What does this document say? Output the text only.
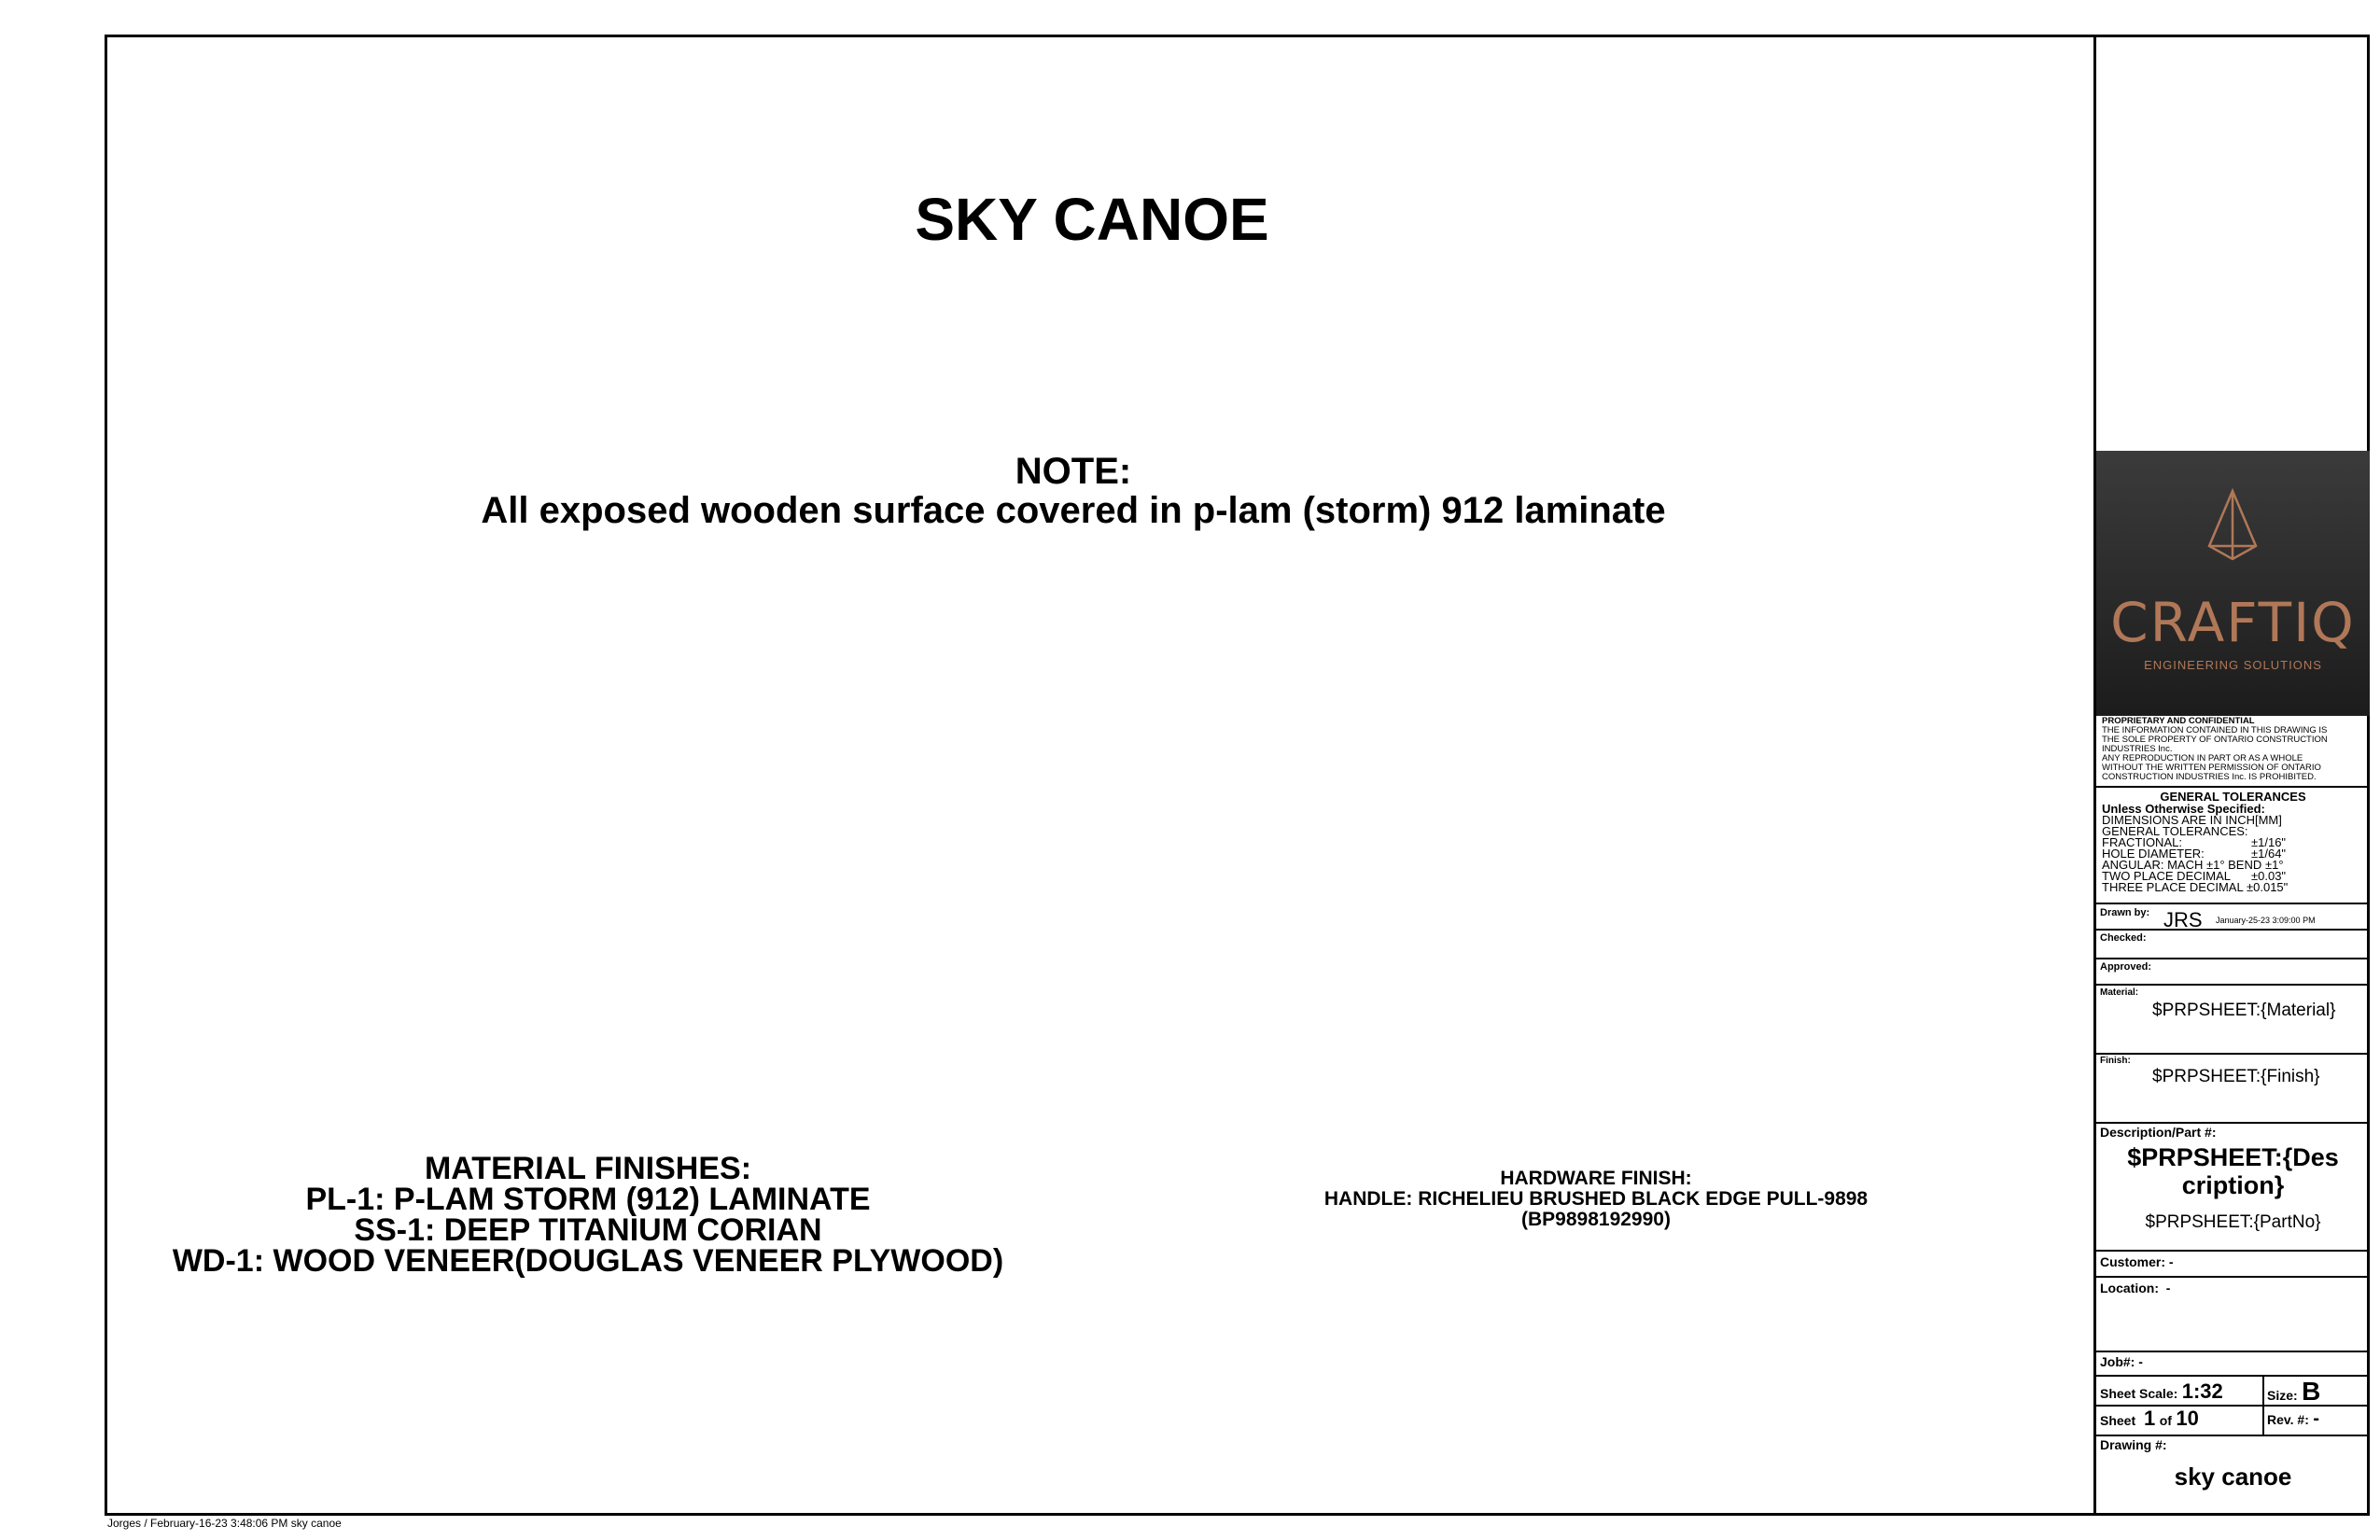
SKY CANOE
NOTE:
All exposed wooden surface covered in p-lam (storm) 912 laminate
MATERIAL FINISHES:
PL-1: P-LAM STORM (912) LAMINATE
SS-1: DEEP TITANIUM CORIAN
WD-1: WOOD VENEER(DOUGLAS VENEER PLYWOOD)
HARDWARE FINISH:
HANDLE: RICHELIEU BRUSHED BLACK EDGE PULL-9898
(BP9898192990)
Jorges / February-16-23 3:48:06 PM sky canoe
CRAFTIQ
ENGINEERING SOLUTIONS
PROPRIETARY AND CONFIDENTIAL
THE INFORMATION CONTAINED IN THIS DRAWING IS
THE SOLE PROPERTY OF ONTARIO CONSTRUCTION
INDUSTRIES Inc.
ANY REPRODUCTION IN PART OR AS A WHOLE
WITHOUT THE WRITTEN PERMISSION OF ONTARIO
CONSTRUCTION INDUSTRIES Inc. IS PROHIBITED.
GENERAL TOLERANCES
Unless Otherwise Specified:
DIMENSIONS ARE IN INCH[MM]
GENERAL TOLERANCES:
FRACTIONAL:	±1/16"
HOLE DIAMETER:	±1/64"
ANGULAR: MACH ±1° BEND ±1°
TWO PLACE DECIMAL ±0.03"
THREE PLACE DECIMAL ±0.015"
Drawn by: JRS January-25-23 3:09:00 PM
Checked:
Approved:
Material:
$PRPSHEET:{Material}
Finish:
$PRPSHEET:{Finish}
Description/Part #:
$PRPSHEET:{Des
cription}
$PRPSHEET:{PartNo}
Customer: -
Location: -
Job#: -
Sheet Scale: 1:32	Size: B
Sheet 1 of 10	Rev. #: -
Drawing #:
sky canoe
